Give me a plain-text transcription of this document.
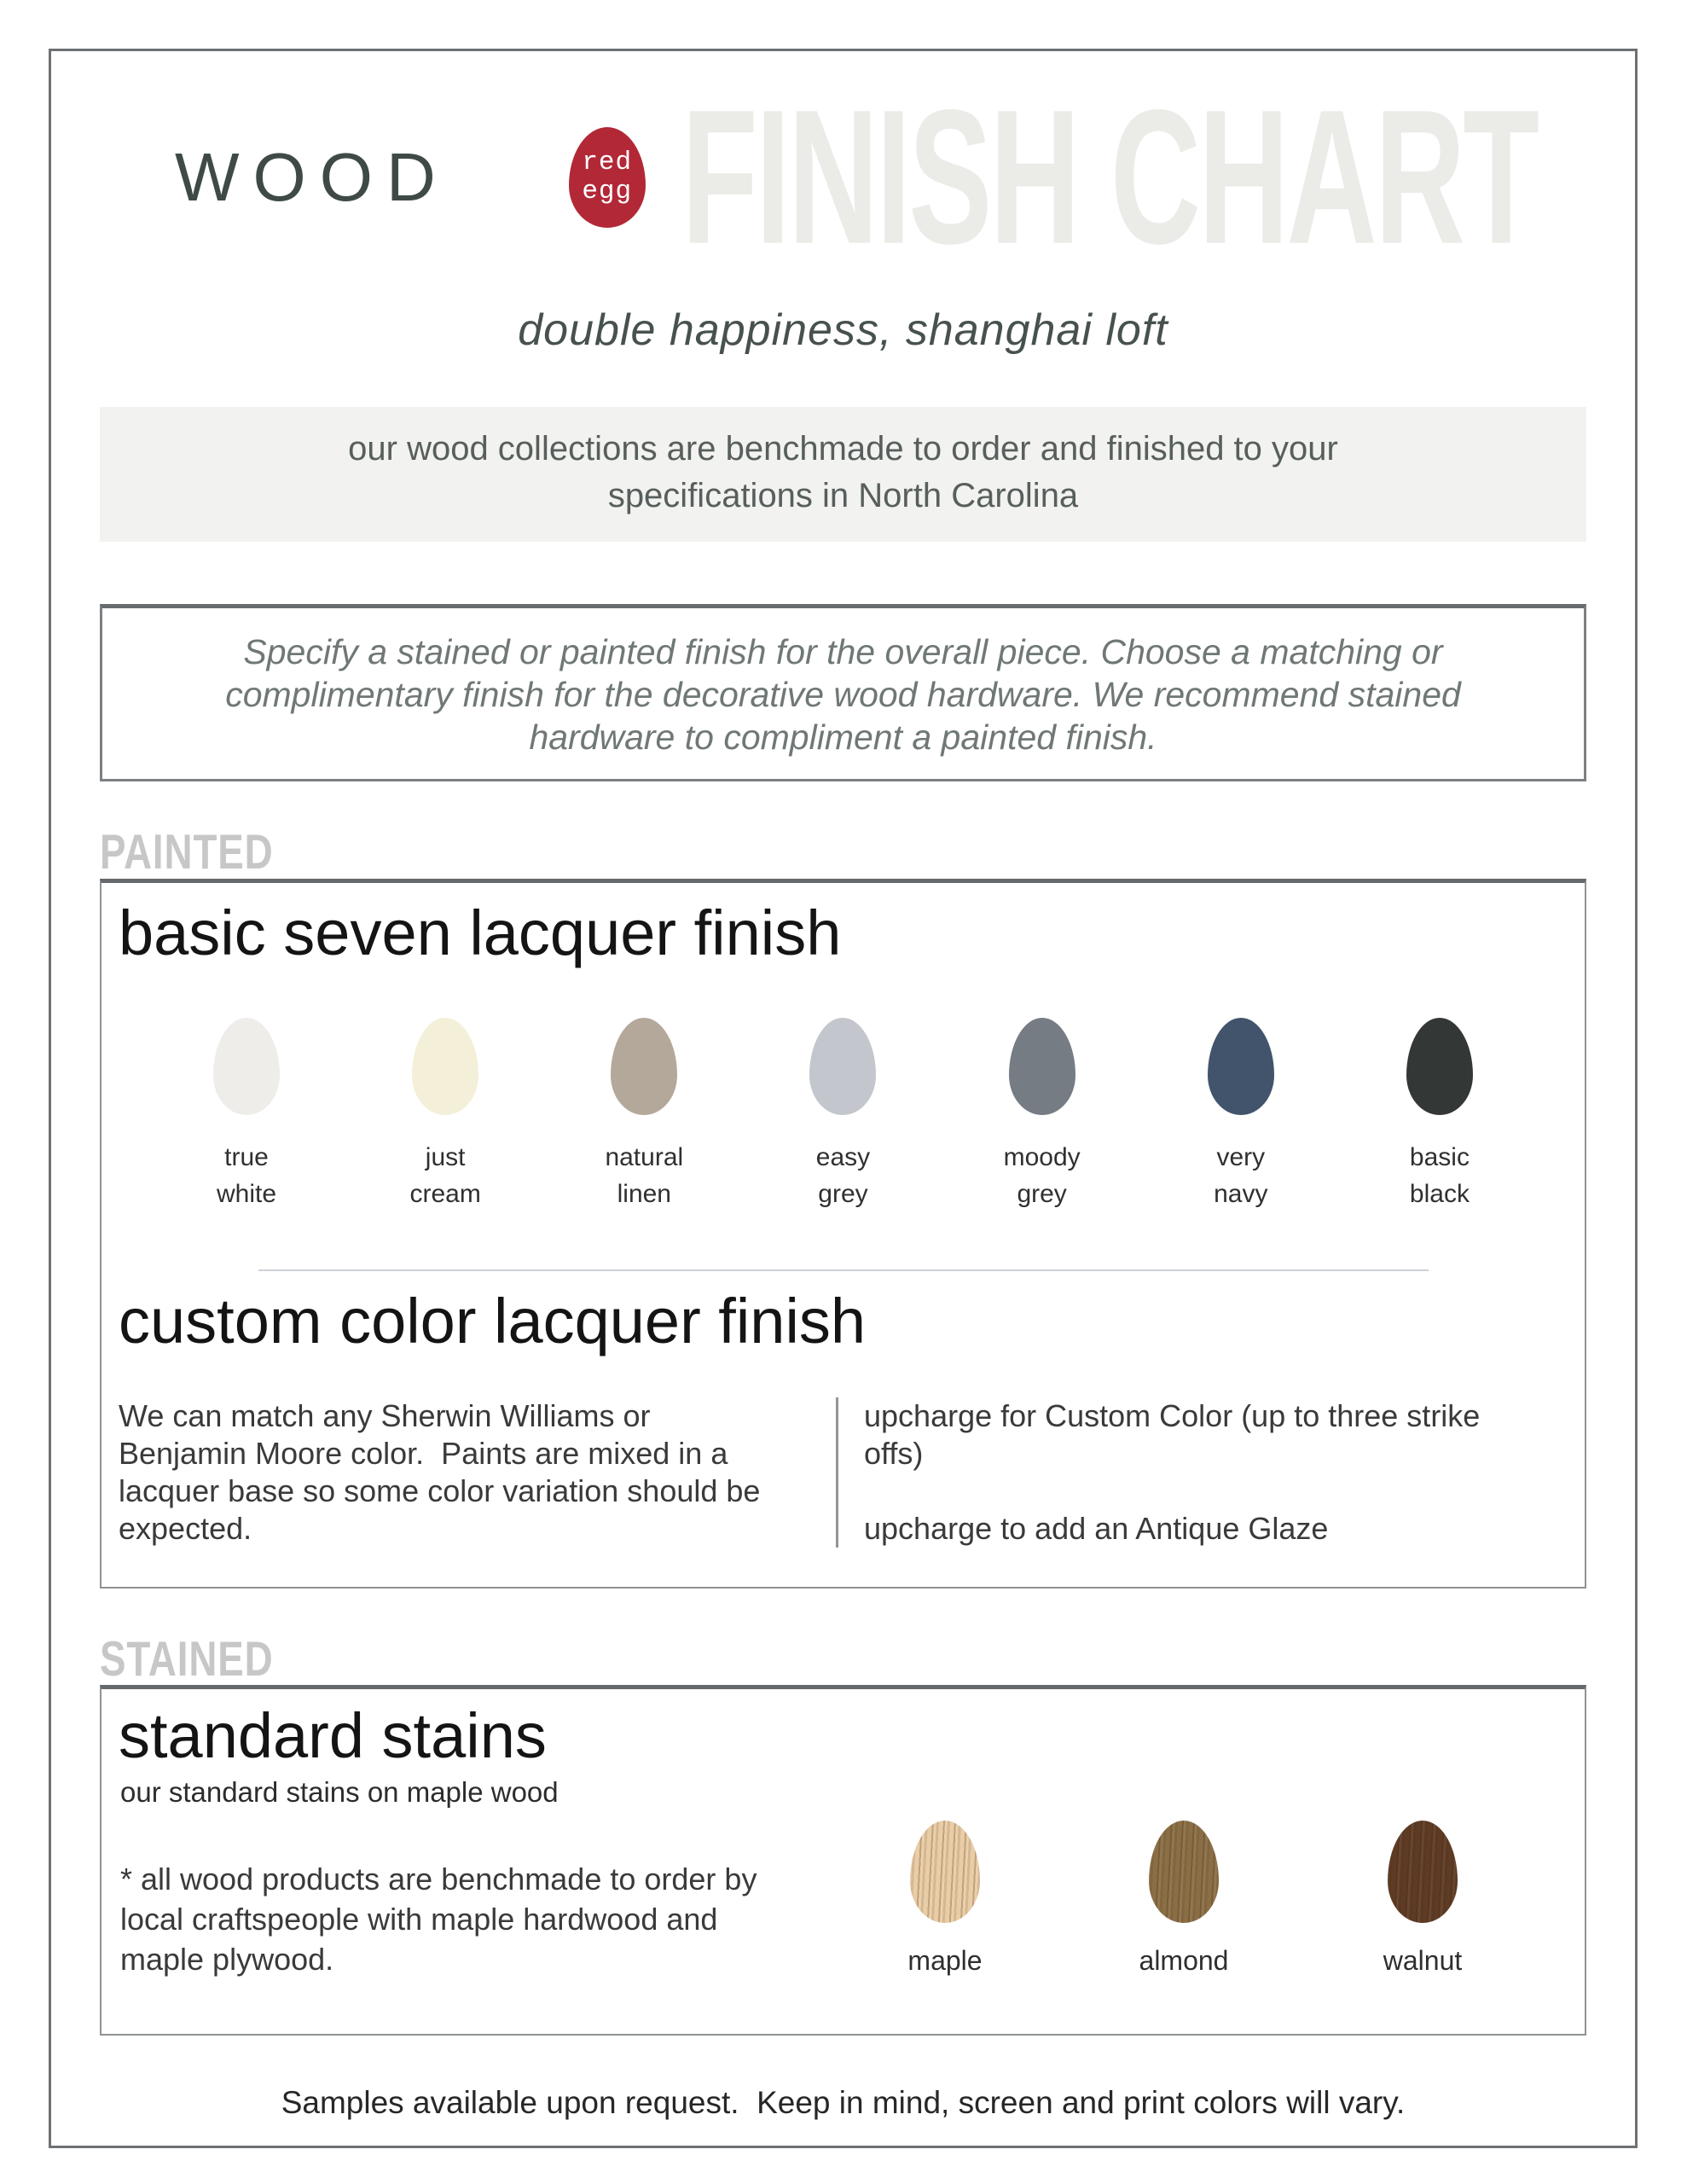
WOOD	red
egg FINISH CHART
double happiness, shanghai loft
our wood collections are benchmade to order and finished to your specifications in North Carolina
Specify a stained or painted finish for the overall piece. Choose a matching or complimentary finish for the decorative wood hardware. We recommend stained hardware to compliment a painted finish.
PAINTED
basic seven lacquer finish
true
white
just
cream
natural
linen
easy
grey
moody
grey
very
navy
basic
black
custom color lacquer finish
We can match any Sherwin Williams or Benjamin Moore color.  Paints are mixed in a lacquer base so some color variation should be expected.
upcharge for Custom Color (up to three strike offs)
upcharge to add an Antique Glaze
STAINED
standard stains
our standard stains on maple wood
* all wood products are benchmade to order by local craftspeople with maple hardwood and maple plywood.	maple	almond	walnut
Samples available upon request.  Keep in mind, screen and print colors will vary.
